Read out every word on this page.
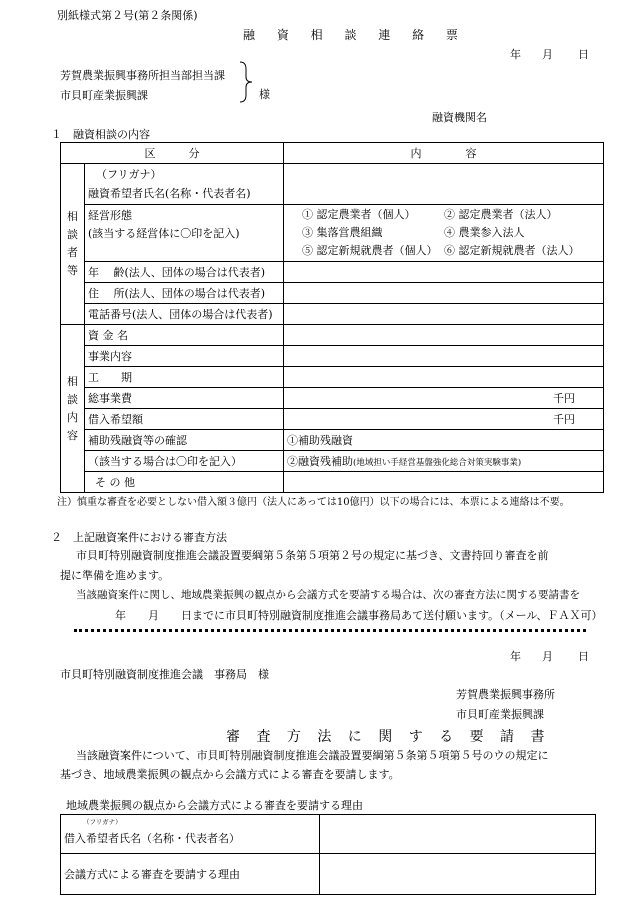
別紙様式第２号(第２条関係)
融 資 相 談 連 絡 票
年 月 日
芳賀農業振興事務所担当部担当課
市貝町産業振興課	様
融資機関名
１　融資相談の内容
区　　　分		内　　　　容
相
談
者
等	（フリガナ）
融資希望者氏名(名称・代表者名)	
	経営形態
(該当する経営体に〇印を記入)	① 認定農業者（個人） ② 認定農業者（法人）
③ 集落営農組織 ④ 農業参入法人
⑤ 認定新規就農者（個人） ⑥ 認定新規就農者（法人）
	年　 齢(法人、団体の場合は代表者)	
	住　 所(法人、団体の場合は代表者)	
	電話番号(法人、団体の場合は代表者)	
相
談
内
容	資 金 名	
	事業内容	
	工　　期	
	総事業費	千円
	借入希望額	千円
	補助残融資等の確認	①補助残融資
	（該当する場合は〇印を記入）	②融資残補助(地域担い手経営基盤強化総合対策実験事業)
	そ の 他	
注）慎重な審査を必要としない借入額３億円（法人にあっては10億円）以下の場合には、本票による連絡は不要。
２　上記融資案件における審査方法
市貝町特別融資制度推進会議設置要綱第５条第５項第２号の規定に基づき、文書持回り審査を前
提に準備を進めます。
当該融資案件に関し、地域農業振興の観点から会議方式を要請する場合は、次の審査方法に関する要請書を
年　　月　　日までに市貝町特別融資制度推進会議事務局あて送付願います。（メール、ＦＡＸ可）
年 月 日
市貝町特別融資制度推進会議　事務局　様
芳賀農業振興事務所
市貝町産業振興課
審 査 方 法 に 関 す る 要 請 書
当該融資案件について、市貝町特別融資制度推進会議設置要綱第５条第５項第５号のウの規定に
基づき、地域農業振興の観点から会議方式による審査を要請します。
地域農業振興の観点から会議方式による審査を要請する理由
（フリガナ）
借入希望者氏名（名称・代表者名）	
会議方式による審査を要請する理由	
